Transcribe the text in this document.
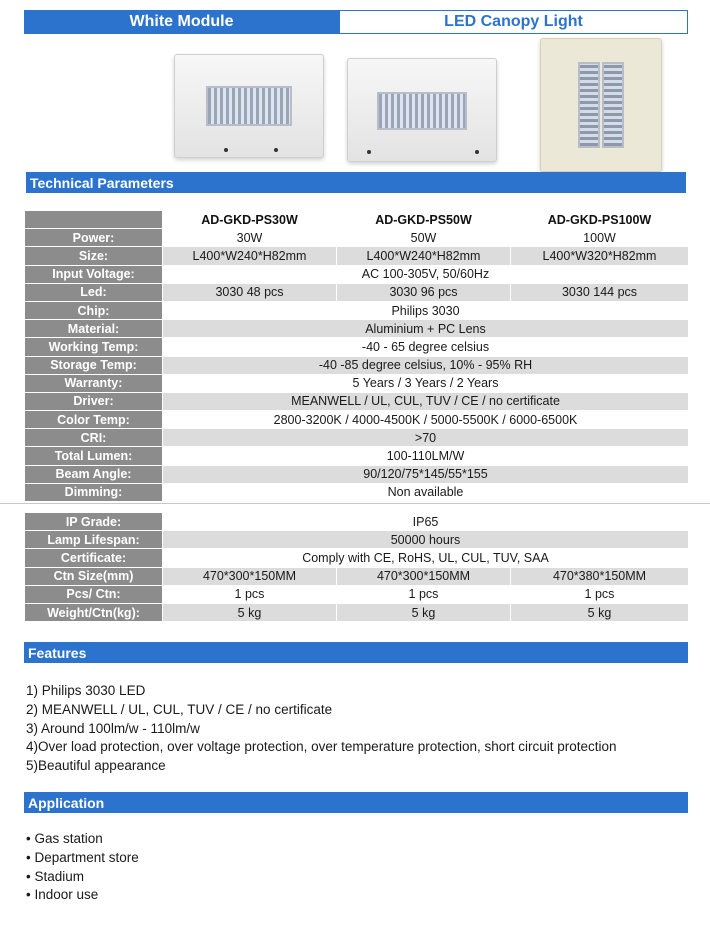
White Module	LED Canopy Light
Technical Parameters
	AD-GKD-PS30W	AD-GKD-PS50W	AD-GKD-PS100W
Power:	30W	50W	100W
Size:	L400*W240*H82mm	L400*W240*H82mm	L400*W320*H82mm
Input Voltage:	AC 100-305V, 50/60Hz		
Led:	3030 48 pcs	3030 96 pcs	3030 144 pcs
Chip:	Philips 3030		
Material:	Aluminium + PC Lens		
Working Temp:	-40 - 65 degree celsius		
Storage Temp:	-40 -85 degree celsius, 10% - 95% RH		
Warranty:	5 Years / 3 Years / 2 Years		
Driver:	MEANWELL / UL, CUL, TUV / CE / no certificate		
Color Temp:	2800-3200K / 4000-4500K / 5000-5500K / 6000-6500K		
CRI:	>70		
Total Lumen:	100-110LM/W		
Beam Angle:	90/120/75*145/55*155		
Dimming:	Non available		
IP Grade:	IP65		
Lamp Lifespan:	50000 hours		
Certificate:	Comply with CE, RoHS, UL, CUL, TUV, SAA		
Ctn Size(mm)	470*300*150MM	470*300*150MM	470*380*150MM
Pcs/ Ctn:	1 pcs	1 pcs	1 pcs
Weight/Ctn(kg):	5 kg	5 kg	5 kg
Features
1) Philips 3030 LED
2) MEANWELL / UL, CUL, TUV / CE / no certificate
3) Around 100lm/w - 110lm/w
4)Over load protection, over voltage protection, over temperature protection, short circuit protection
5)Beautiful appearance
Application
• Gas station
• Department store
• Stadium
• Indoor use
